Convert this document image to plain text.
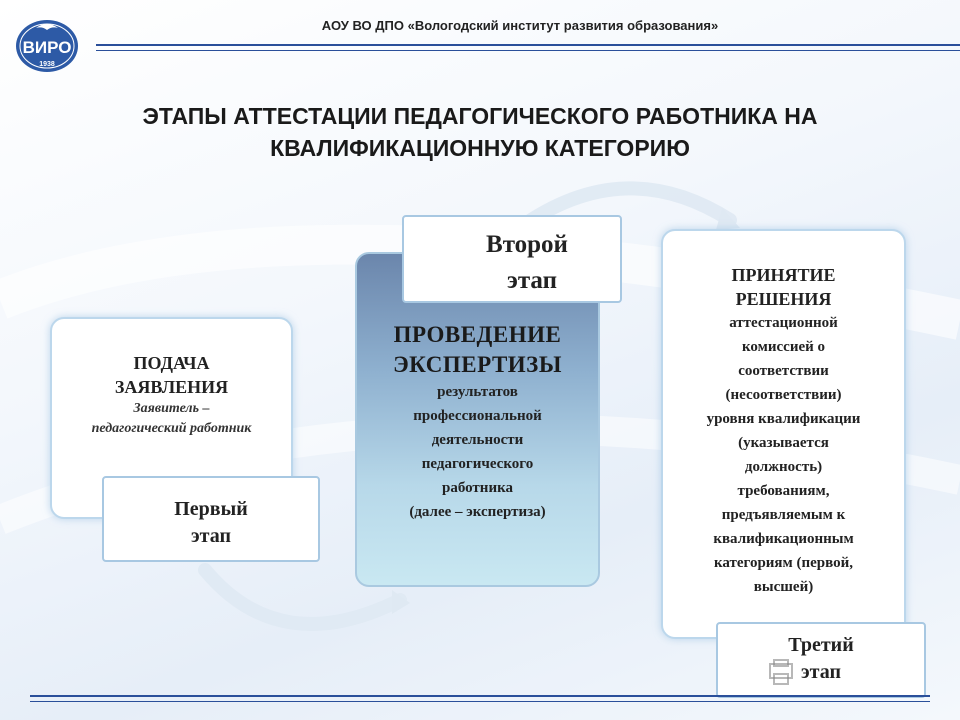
ВИРО
1938
АОУ ВО ДПО «Вологодский институт развития образования»
ЭТАПЫ АТТЕСТАЦИИ ПЕДАГОГИЧЕСКОГО РАБОТНИКА НА
КВАЛИФИКАЦИОННУЮ КАТЕГОРИЮ
ПОДАЧА
ЗАЯВЛЕНИЯ
Заявитель –
педагогический работник
ПРОВЕДЕНИЕ
ЭКСПЕРТИЗЫ
результатов
профессиональной
деятельности
педагогического
работника
(далее – экспертиза)
ПРИНЯТИЕ
РЕШЕНИЯ
аттестационной
комиссией о
соответствии
(несоответствии)
уровня квалификации
(указывается
должность)
требованиям,
предъявляемым к
квалификационным
категориям (первой,
высшей)
Первый
этап
Второй
этап
Третий
этап
